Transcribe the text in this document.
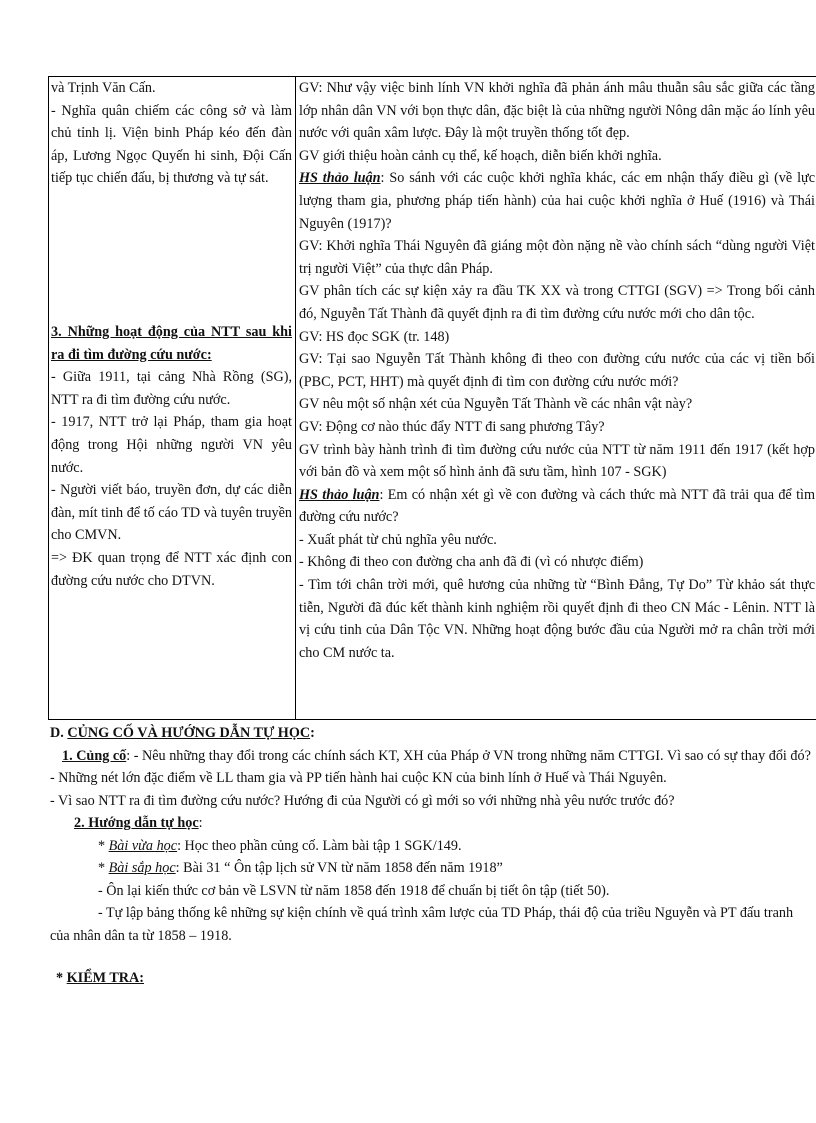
và Trịnh Văn Cấn.

- Nghĩa quân chiếm các công sở và làm chủ tỉnh lị. Viện binh Pháp kéo đến đàn áp, Lương Ngọc Quyến hi sinh, Đội Cấn tiếp tục chiến đấu, bị thương và tự sát.

3. Những hoạt động của NTT sau khi ra đi tìm đường cứu nước:

- Giữa 1911, tại cảng Nhà Rồng (SG), NTT ra đi tìm đường cứu nước.

- 1917, NTT trở lại Pháp, tham gia hoạt động trong Hội những người VN yêu nước.

- Người viết báo, truyền đơn, dự các diễn đàn, mít tinh để tố cáo TD và tuyên truyền cho CMVN.

=> ĐK quan trọng để NTT xác định con đường cứu nước cho DTVN.

GV: Như vậy việc binh lính VN khởi nghĩa đã phản ánh mâu thuẫn sâu sắc giữa các tầng lớp nhân dân VN với bọn thực dân, đặc biệt là của những người Nông dân mặc áo lính yêu nước với quân xâm lược. Đây là một truyền thống tốt đẹp.

GV giới thiệu hoàn cảnh cụ thể, kế hoạch, diễn biến khởi nghĩa.

HS thảo luận: So sánh với các cuộc khởi nghĩa khác, các em nhận thấy điều gì (về lực lượng tham gia, phương pháp tiến hành) của hai cuộc khởi nghĩa ở Huế (1916) và Thái Nguyên (1917)?

GV: Khởi nghĩa Thái Nguyên đã giáng một đòn nặng nề vào chính sách “dùng người Việt trị người Việt” của thực dân Pháp.

GV phân tích các sự kiện xảy ra đầu TK XX và trong CTTGI (SGV) => Trong bối cảnh đó, Nguyễn Tất Thành đã quyết định ra đi tìm đường cứu nước mới cho dân tộc.

GV: HS đọc SGK (tr. 148)

GV: Tại sao Nguyễn Tất Thành không đi theo con đường cứu nước của các vị tiền bối (PBC, PCT, HHT) mà quyết định đi tìm con đường cứu nước mới?

GV nêu một số nhận xét của Nguyễn Tất Thành về các nhân vật này?

GV: Động cơ nào thúc đẩy NTT đi sang phương Tây?

GV trình bày hành trình đi tìm đường cứu nước của NTT từ năm 1911 đến 1917 (kết hợp với bản đồ và xem một số hình ảnh đã sưu tầm, hình 107 - SGK)

HS thảo luận: Em có nhận xét gì về con đường và cách thức mà NTT đã trải qua để tìm đường cứu nước?

- Xuất phát từ chủ nghĩa yêu nước.

- Không đi theo con đường cha anh đã đi (vì có nhược điểm)

- Tìm tới chân trời mới, quê hương của những từ “Bình Đẳng, Tự Do” Từ khảo sát thực tiễn, Người đã đúc kết thành kinh nghiệm rồi quyết định đi theo CN Mác - Lênin. NTT là vị cứu tinh của Dân Tộc VN. Những hoạt động bước đầu của Người mở ra chân trời mới cho CM nước ta.

D. CỦNG CỐ VÀ HƯỚNG DẪN TỰ HỌC:

1. Củng cố: - Nêu những thay đổi trong các chính sách KT, XH của Pháp ở VN trong những năm CTTGI. Vì sao có sự thay đổi đó?

- Những nét lớn đặc điểm về LL tham gia và PP tiến hành hai cuộc KN của binh lính ở Huế và Thái Nguyên.

- Vì sao NTT ra đi tìm đường cứu nước? Hướng đi của Người có gì mới so với những nhà yêu nước trước đó?

2. Hướng dẫn tự học:

* Bài vừa học: Học theo phần củng cố. Làm bài tập 1 SGK/149.

* Bài sắp học: Bài 31 “ Ôn tập lịch sử VN từ năm 1858 đến năm 1918”

- Ôn lại kiến thức cơ bản về LSVN từ năm 1858 đến 1918 để chuẩn bị tiết ôn tập (tiết 50).

- Tự lập bảng thống kê những sự kiện chính về quá trình xâm lược của TD Pháp, thái độ của triều Nguyễn và PT đấu tranh của nhân dân ta từ 1858 – 1918.

* KIỂM TRA:
